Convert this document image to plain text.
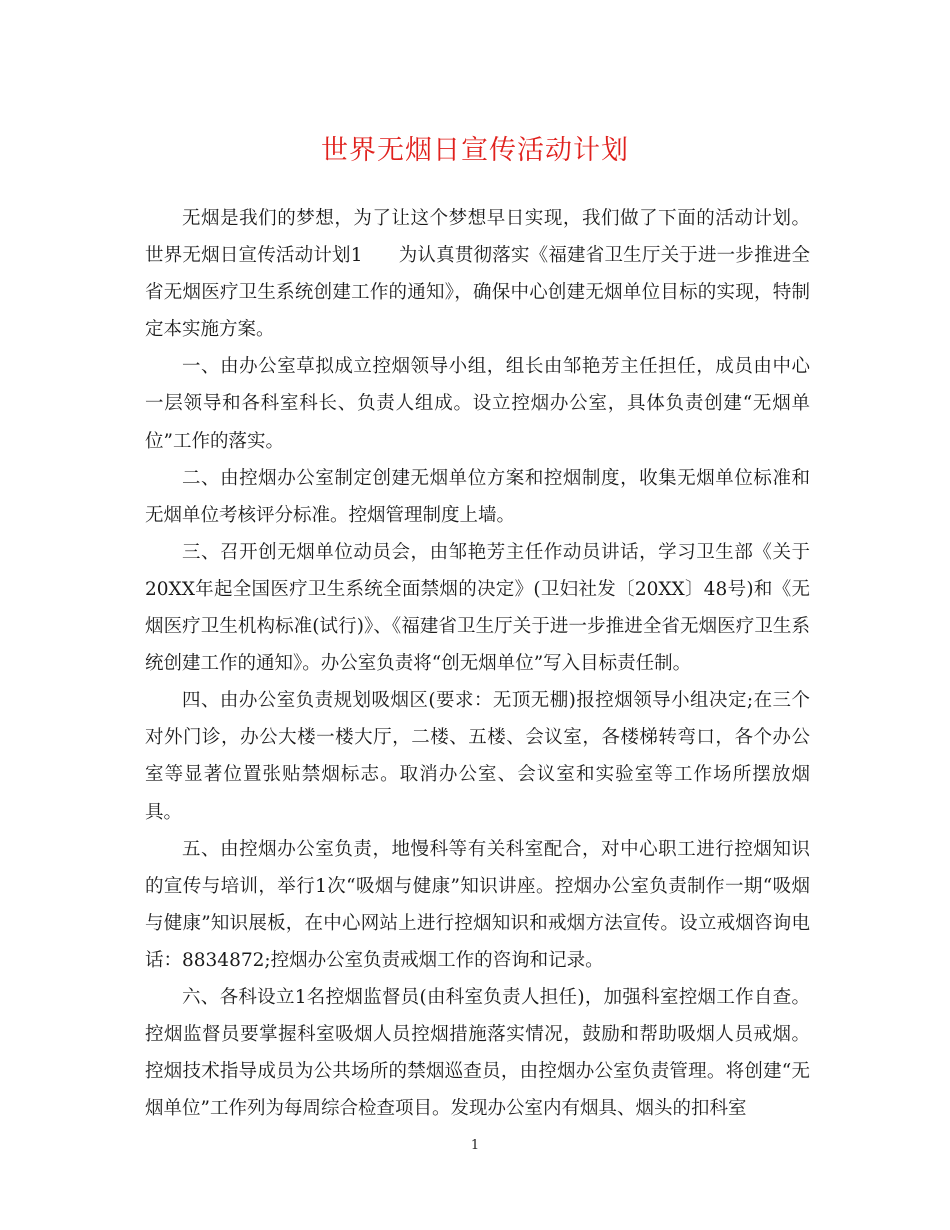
世界无烟日宣传活动计划

无烟是我们的梦想，为了让这个梦想早日实现，我们做了下面的活动计划。世界无烟日宣传活动计划1 为认真贯彻落实《福建省卫生厅关于进一步推进全省无烟医疗卫生系统创建工作的通知》，确保中心创建无烟单位目标的实现，特制定本实施方案。

一、由办公室草拟成立控烟领导小组，组长由邹艳芳主任担任，成员由中心一层领导和各科室科长、负责人组成。设立控烟办公室，具体负责创建“无烟单位”工作的落实。

二、由控烟办公室制定创建无烟单位方案和控烟制度，收集无烟单位标准和无烟单位考核评分标准。控烟管理制度上墙。

三、召开创无烟单位动员会，由邹艳芳主任作动员讲话，学习卫生部《关于20XX年起全国医疗卫生系统全面禁烟的决定》(卫妇社发〔20XX〕48号)和《无烟医疗卫生机构标准(试行)》、《福建省卫生厅关于进一步推进全省无烟医疗卫生系统创建工作的通知》。办公室负责将“创无烟单位”写入目标责任制。

四、由办公室负责规划吸烟区(要求：无顶无棚)报控烟领导小组决定;在三个对外门诊，办公大楼一楼大厅，二楼、五楼、会议室，各楼梯转弯口，各个办公室等显著位置张贴禁烟标志。取消办公室、会议室和实验室等工作场所摆放烟具。

五、由控烟办公室负责，地慢科等有关科室配合，对中心职工进行控烟知识的宣传与培训，举行1次“吸烟与健康”知识讲座。控烟办公室负责制作一期“吸烟与健康”知识展板，在中心网站上进行控烟知识和戒烟方法宣传。设立戒烟咨询电话：8834872;控烟办公室负责戒烟工作的咨询和记录。

六、各科设立1名控烟监督员(由科室负责人担任)，加强科室控烟工作自查。控烟监督员要掌握科室吸烟人员控烟措施落实情况，鼓励和帮助吸烟人员戒烟。控烟技术指导成员为公共场所的禁烟巡查员，由控烟办公室负责管理。将创建“无烟单位”工作列为每周综合检查项目。发现办公室内有烟具、烟头的扣科室

1
